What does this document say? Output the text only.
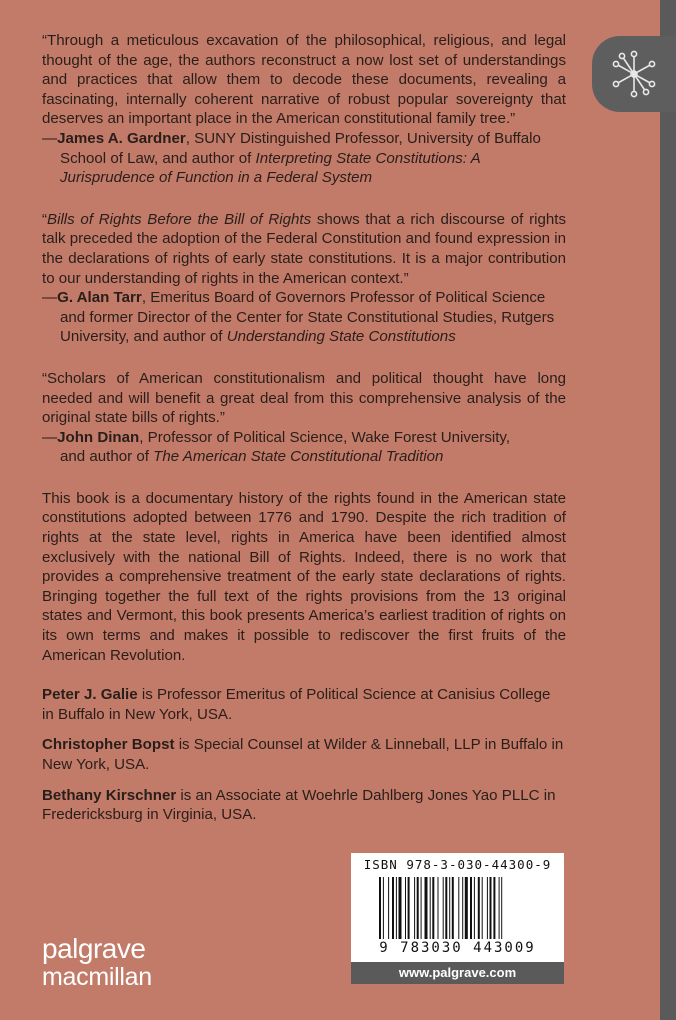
“Through a meticulous excavation of the philosophical, religious, and legal thought of the age, the authors reconstruct a now lost set of understandings and practices that allow them to decode these documents, revealing a fascinating, internally coherent narrative of robust popular sovereignty that deserves an important place in the American constitutional family tree.”

—James A. Gardner, SUNY Distinguished Professor, University of Buffalo
School of Law, and author of Interpreting State Constitutions: A Jurisprudence of Function in a Federal System

“Bills of Rights Before the Bill of Rights shows that a rich discourse of rights talk preceded the adoption of the Federal Constitution and found expression in the declarations of rights of early state constitutions. It is a major contribution to our understanding of rights in the American context.”

—G. Alan Tarr, Emeritus Board of Governors Professor of Political Science
and former Director of the Center for State Constitutional Studies, Rutgers University, and author of Understanding State Constitutions

“Scholars of American constitutionalism and political thought have long needed and will benefit a great deal from this comprehensive analysis of the original state bills of rights.”

—John Dinan, Professor of Political Science, Wake Forest University,
and author of The American State Constitutional Tradition

This book is a documentary history of the rights found in the American state constitutions adopted between 1776 and 1790. Despite the rich tradition of rights at the state level, rights in America have been identified almost exclusively with the national Bill of Rights. Indeed, there is no work that provides a comprehensive treatment of the early state declarations of rights. Bringing together the full text of the rights provisions from the 13 original states and Vermont, this book presents America’s earliest tradition of rights on its own terms and makes it possible to rediscover the first fruits of the American Revolution.

Peter J. Galie is Professor Emeritus of Political Science at Canisius College in Buffalo in New York, USA.

Christopher Bopst is Special Counsel at Wilder & Linneball, LLP in Buffalo in New York, USA.

Bethany Kirschner is an Associate at Woehrle Dahlberg Jones Yao PLLC in Fredericksburg in Virginia, USA.

ISBN 978-3-030-44300-9
9 783030 443009
www.palgrave.com
palgrave
macmillan
